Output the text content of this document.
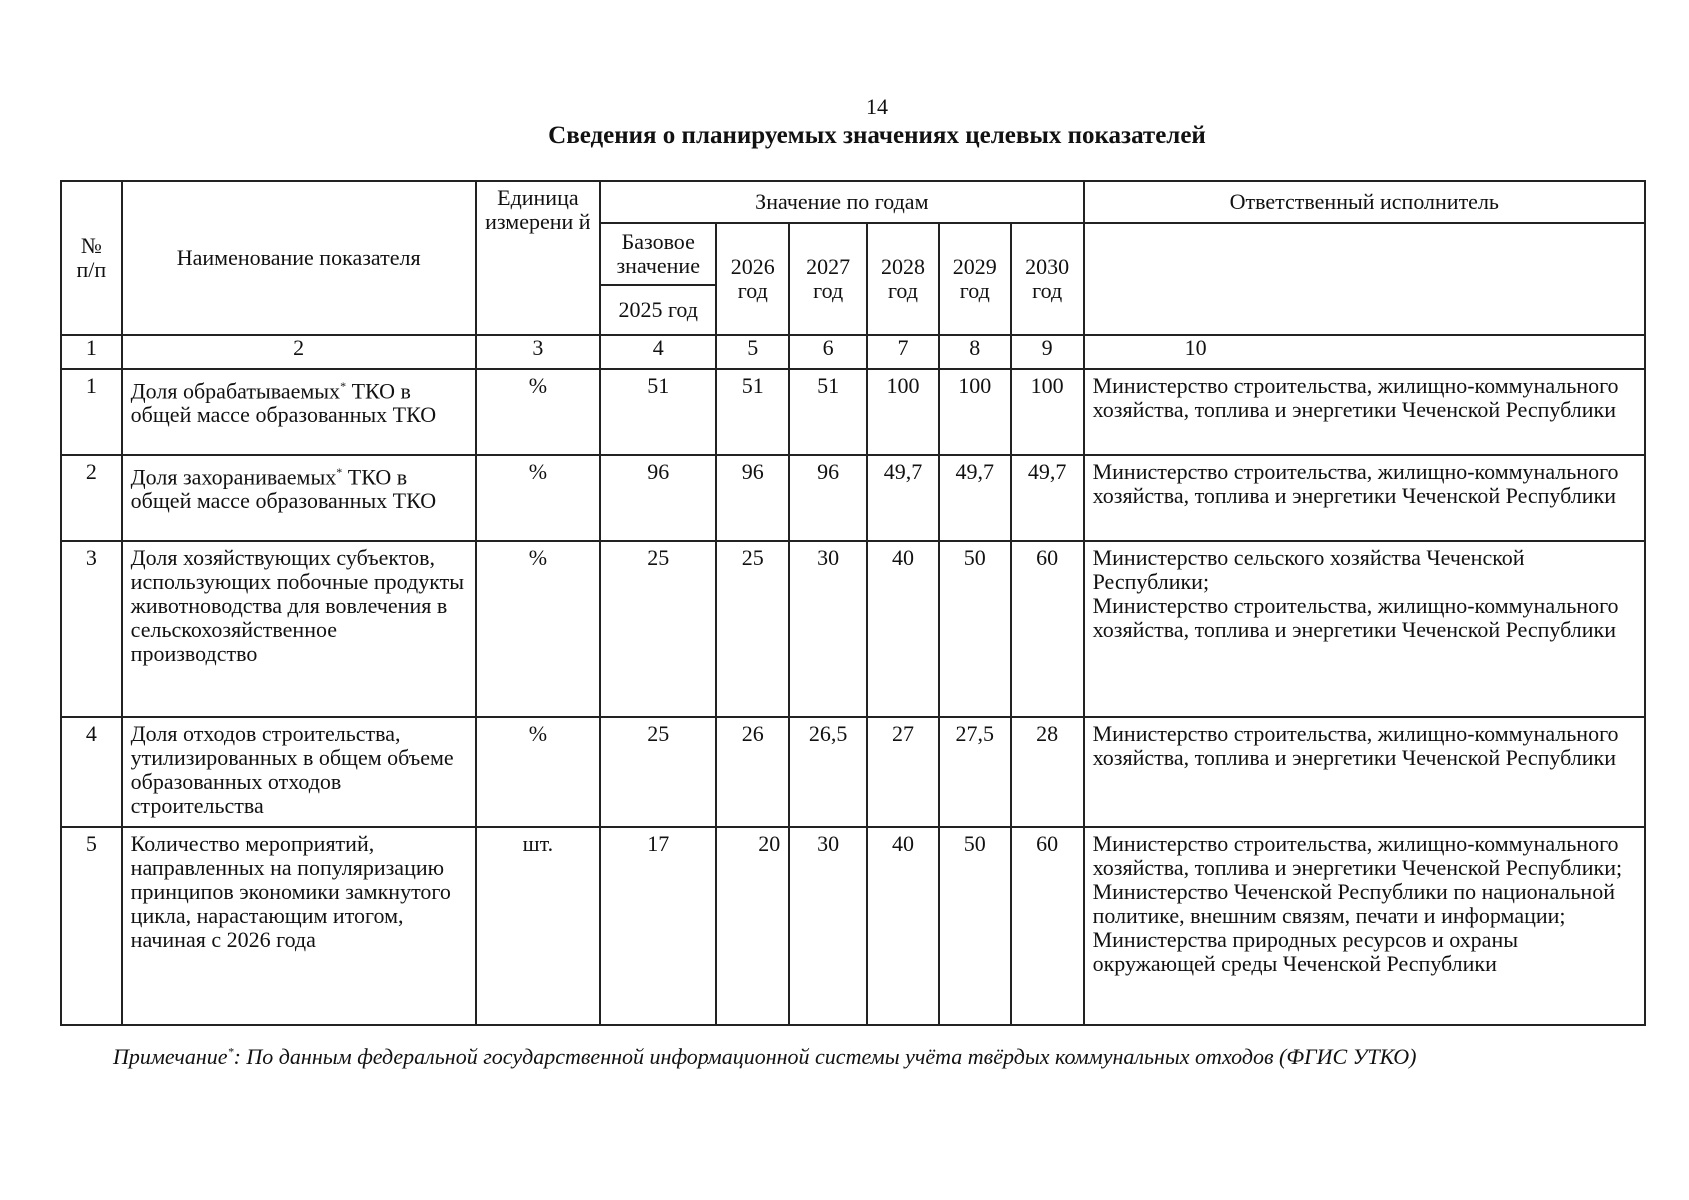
14
Сведения о планируемых значениях целевых показателей
№ п/п	Наименование показателя	Единица измерени й	Значение по годам						Ответственный исполнитель
			Базовое значение	2026 год	2027 год	2028 год	2029 год	2030 год	
			2025 год						
1	2	3	4	5	6	7	8	9	10
1	Доля обрабатываемых* ТКО в общей массе образованных ТКО	%	51	51	51	100	100	100	Министерство строительства, жилищно-коммунального хозяйства, топлива и энергетики Чеченской Республики
2	Доля захораниваемых* ТКО в общей массе образованных ТКО	%	96	96	96	49,7	49,7	49,7	Министерство строительства, жилищно-коммунального хозяйства, топлива и энергетики Чеченской Республики
3	Доля хозяйствующих субъектов, использующих побочные продукты животноводства для вовлечения в сельскохозяйственное производство	%	25	25	30	40	50	60	Министерство сельского хозяйства Чеченской Республики;
Министерство строительства, жилищно-коммунального хозяйства, топлива и энергетики Чеченской Республики

4	Доля отходов строительства, утилизированных в общем объеме образованных отходов строительства	%	25	26	26,5	27	27,5	28	Министерство строительства, жилищно-коммунального хозяйства, топлива и энергетики Чеченской Республики
5	Количество мероприятий, направленных на популяризацию принципов экономики замкнутого цикла, нарастающим итогом, начиная с 2026 года	шт.	17	20	30	40	50	60	Министерство строительства, жилищно-коммунального хозяйства, топлива и энергетики Чеченской Республики;
Министерство Чеченской Республики по национальной политике, внешним связям, печати и информации;
Министерства природных ресурсов и охраны окружающей среды Чеченской Республики
Примечание*: По данным федеральной государственной информационной системы учёта твёрдых коммунальных отходов (ФГИС УТКО)
